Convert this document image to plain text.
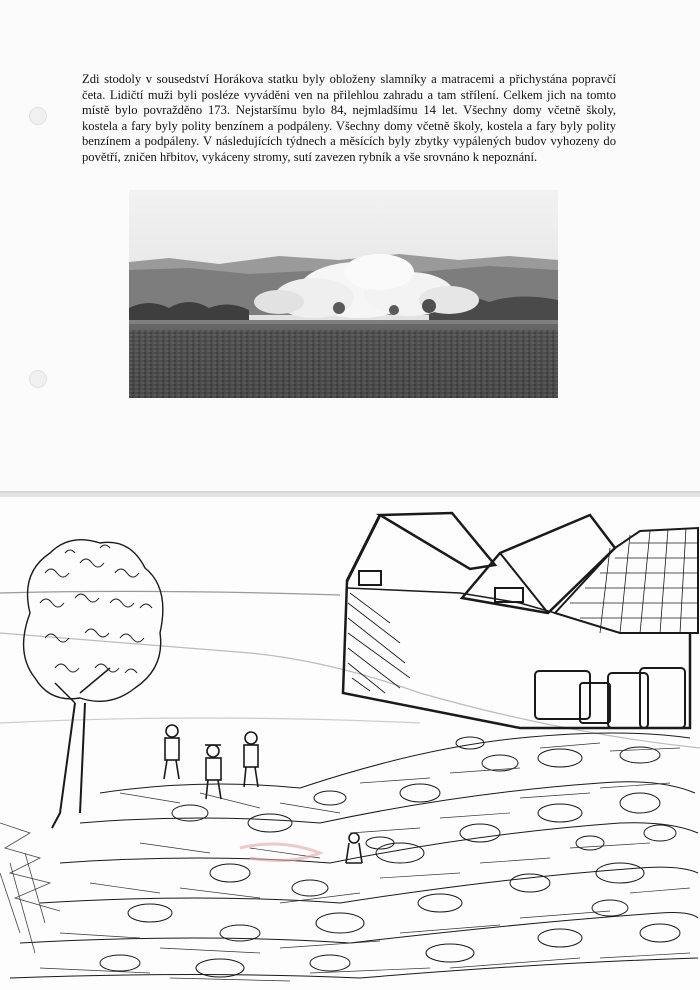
Zdi stodoly v sousedství Horákova statku byly obloženy slamníky a matracemi a přichystána popravčí četa. Lidičtí muži byli posléze vyváděni ven na přilehlou zahradu a tam střílení. Celkem jich na tomto místě bylo povražděno 173. Nejstaršímu bylo 84, nejmladšímu 14 let. Všechny domy včetně školy, kostela a fary byly polity benzínem a podpáleny. Všechny domy včetně školy, kostela a fary byly polity benzínem a podpáleny. V následujících týdnech a měsících byly zbytky vypálených budov vyhozeny do povětří, zničen hřbitov, vykáceny stromy, sutí zavezen rybník a vše srovnáno k nepoznání.
